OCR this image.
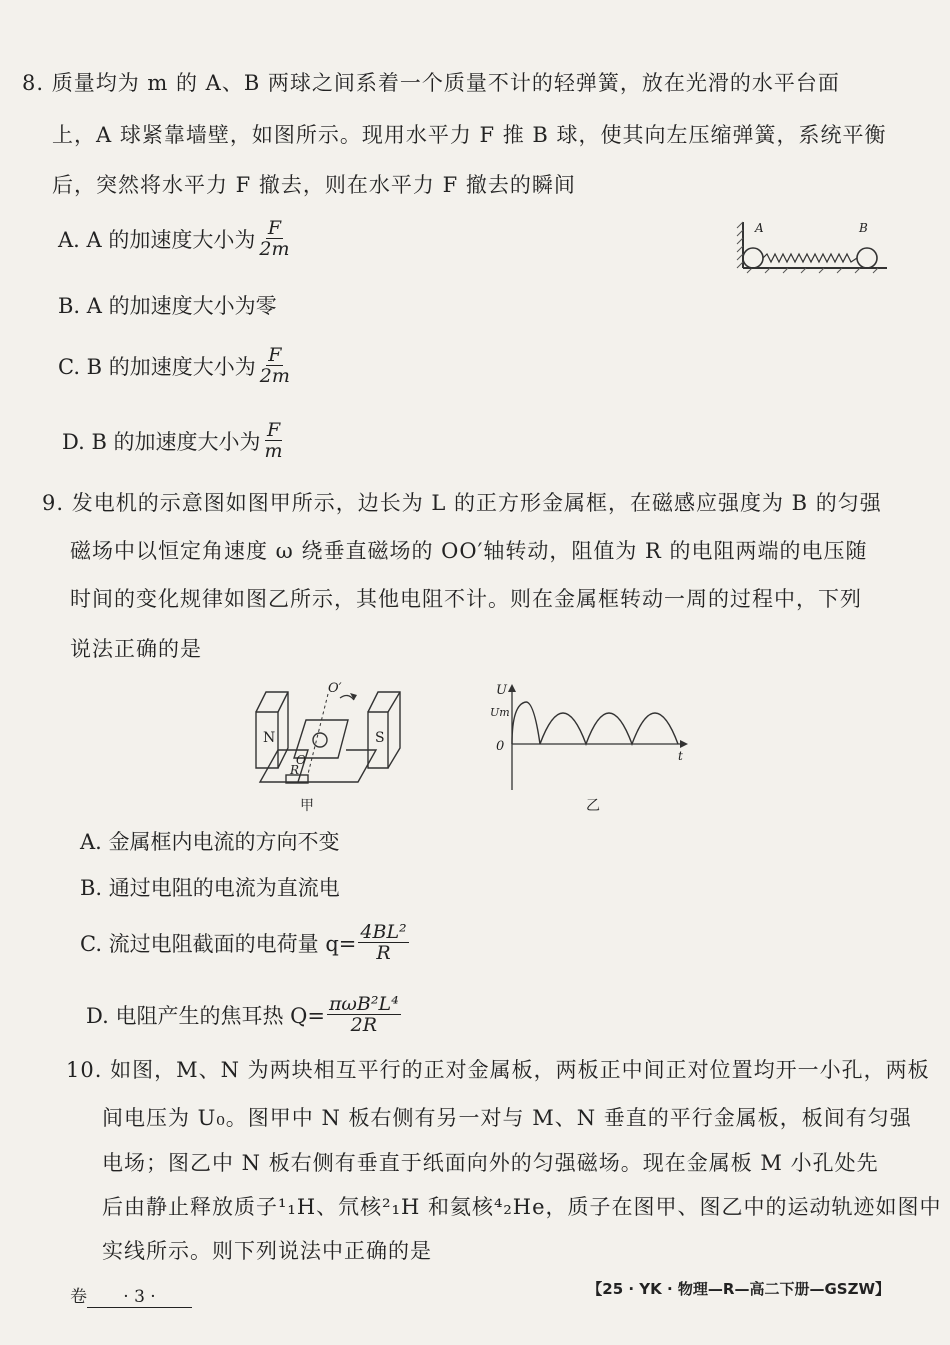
8. 质量均为 m 的 A、B 两球之间系着一个质量不计的轻弹簧，放在光滑的水平台面
上，A 球紧靠墙壁，如图所示。现用水平力 F 推 B 球，使其向左压缩弹簧，系统平衡
后，突然将水平力 F 撤去，则在水平力 F 撤去的瞬间
A. A 的加速度大小为 $\frac{F}{2m}$
B. A 的加速度大小为零
C. B 的加速度大小为 $\frac{F}{2m}$
D. B 的加速度大小为 $\frac{F}{m}$
A	B
9. 发电机的示意图如图甲所示，边长为 L 的正方形金属框，在磁感应强度为 B 的匀强
磁场中以恒定角速度 ω 绕垂直磁场的 OO′轴转动，阻值为 R 的电阻两端的电压随
时间的变化规律如图乙所示，其他电阻不计。则在金属框转动一周的过程中，下列
说法正确的是
N	S
O′
O
R
甲
U
Um
0
t
乙
A. 金属框内电流的方向不变
B. 通过电阻的电流为直流电
C. 流过电阻截面的电荷量 $q= \frac{\text{4BL²}}{R}$
D. 电阻产生的焦耳热 $Q= \frac{\text{πωB²L⁴}}{2R}$
10. 如图，M、N 为两块相互平行的正对金属板，两板正中间正对位置均开一小孔，两板
间电压为 U₀。图甲中 N 板右侧有另一对与 M、N 垂直的平行金属板，板间有匀强
电场；图乙中 N 板右侧有垂直于纸面向外的匀强磁场。现在金属板 M 小孔处先
后由静止释放质子¹₁H、氘核²₁H 和氦核⁴₂He，质子在图甲、图乙中的运动轨迹如图中
实线所示。则下列说法中正确的是
卷 · 3 ·	【25 · YK · 物理—R—高二下册—GSZW】
